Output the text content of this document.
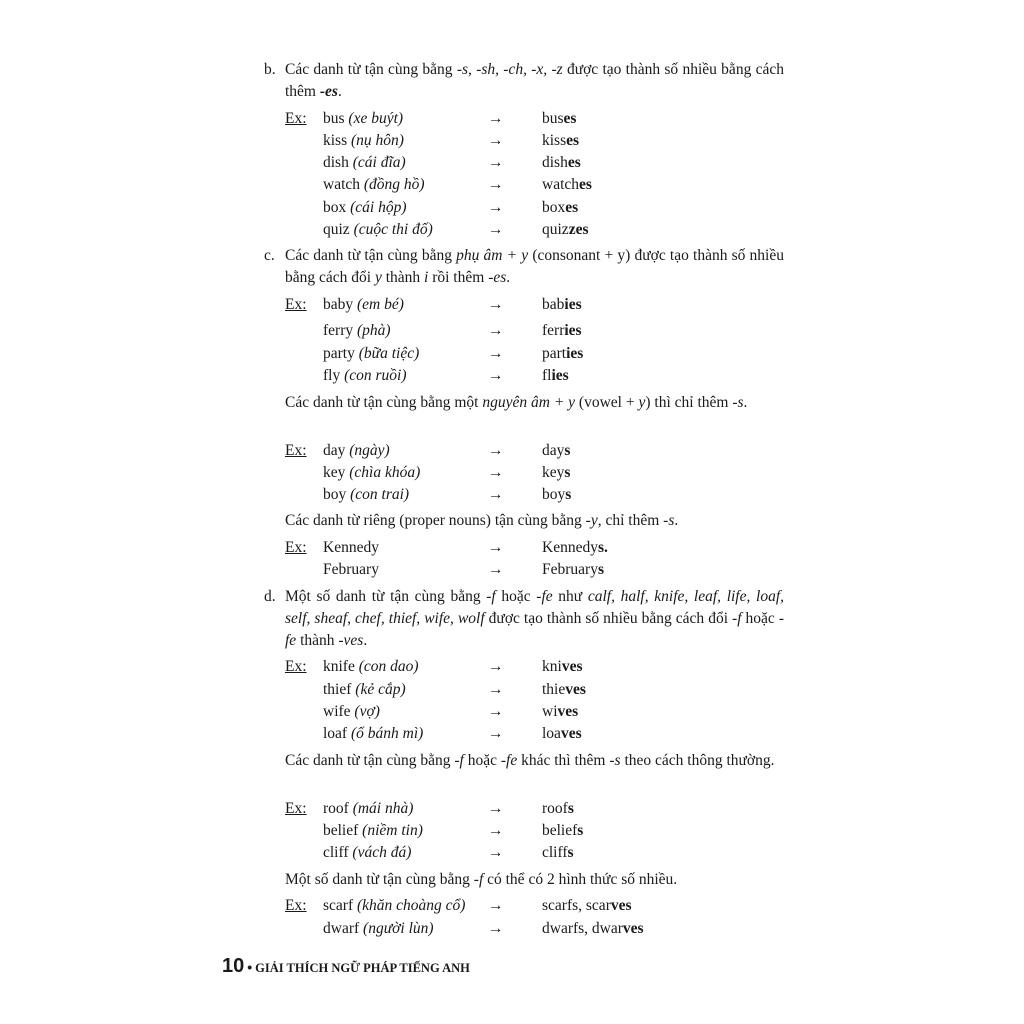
b. Các danh từ tận cùng bằng -s, -sh, -ch, -x, -z được tạo thành số nhiều bằng cách thêm -es.
Ex: bus (xe buýt)	→ buses
kiss (nụ hôn)	→ kisses
dish (cái đĩa)	→ dishes
watch (đồng hồ)	→ watches
box (cái hộp)	→ boxes
quiz (cuộc thi đố)	→ quizzes
c. Các danh từ tận cùng bằng phụ âm + y (consonant + y) được tạo thành số nhiều bằng cách đổi y thành i rồi thêm -es.
Ex: baby (em bé)	→ babies
ferry (phà)	→ ferries
party (bữa tiệc)	→ parties
fly (con ruồi)	→ flies
Các danh từ tận cùng bằng một nguyên âm + y (vowel + y) thì chỉ thêm -s.
Ex: day (ngày)	→ days
key (chìa khóa)	→ keys
boy (con trai)	→ boys
Các danh từ riêng (proper nouns) tận cùng bằng -y, chỉ thêm -s.
Ex: Kennedy	→ Kennedys.
February	→ Februarys
d. Một số danh từ tận cùng bằng -f hoặc -fe như calf, half, knife, leaf, life, loaf, self, sheaf, chef, thief, wife, wolf được tạo thành số nhiều bằng cách đổi -f hoặc -fe thành -ves.
Ex: knife (con dao)	→ knives
thief (kẻ cắp)	→ thieves
wife (vợ)	→ wives
loaf (ổ bánh mì)	→ loaves
Các danh từ tận cùng bằng -f hoặc -fe khác thì thêm -s theo cách thông thường.
Ex: roof (mái nhà)	→ roofs
belief (niềm tin)	→ beliefs
cliff (vách đá)	→ cliffs
Một số danh từ tận cùng bằng -f có thể có 2 hình thức số nhiều.
Ex: scarf (khăn choàng cổ) → scarfs, scarves
dwarf (người lùn)	→ dwarfs, dwarves
10 • GIẢI THÍCH NGỮ PHÁP TIẾNG ANH
